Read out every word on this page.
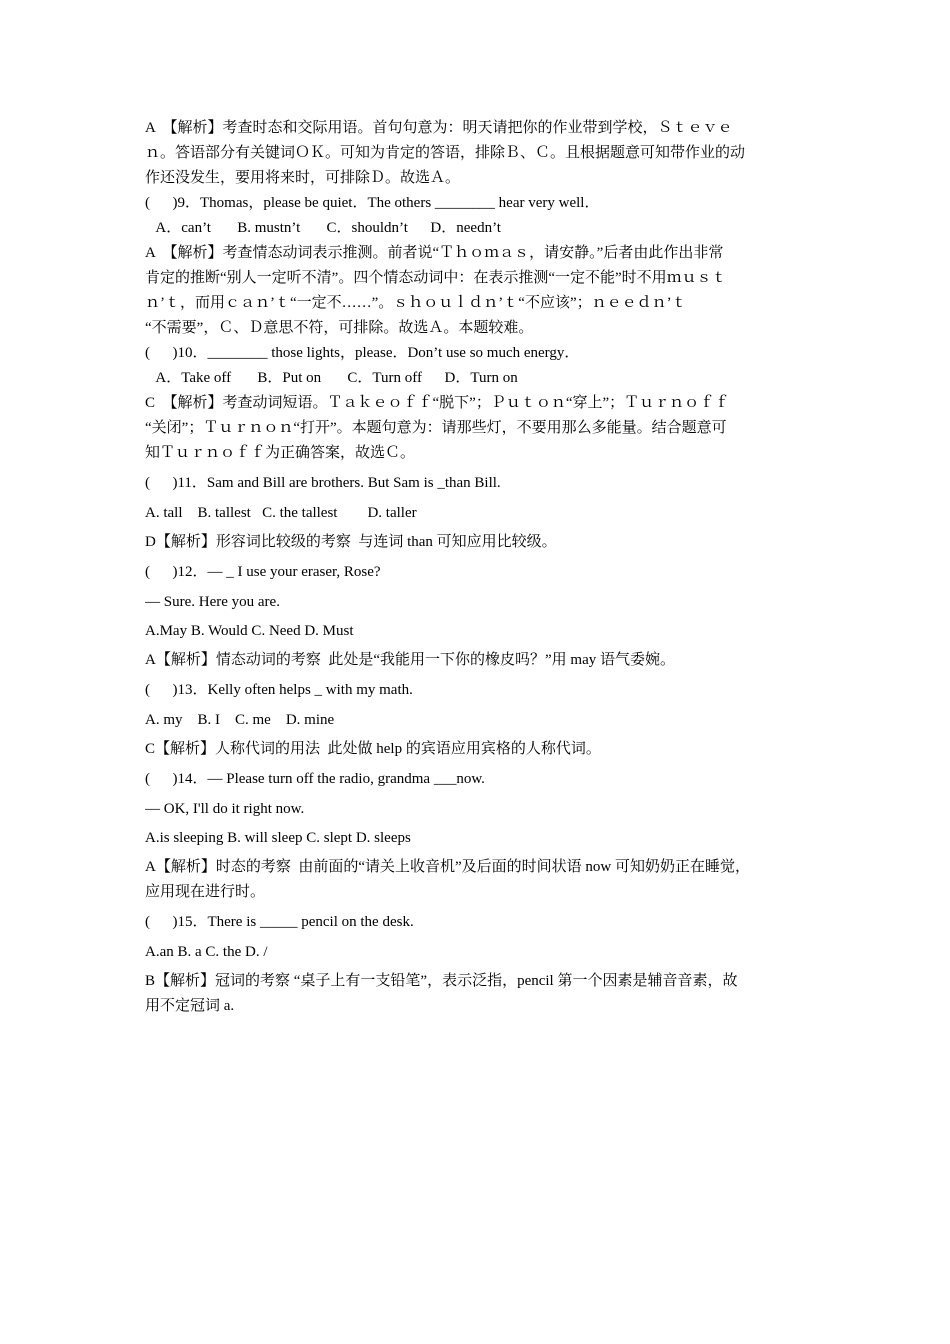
A  【解析】考查时态和交际用语。首句句意为：明天请把你的作业带到学校，Ｓｔｅｖｅ
ｎ。答语部分有关键词ＯＫ。可知为肯定的答语，排除Ｂ、Ｃ。且根据题意可知带作业的动
作还没发生，要用将来时，可排除Ｄ。故选Ａ。
(      )9．Thomas，please be quiet．The others ________ hear very well．
A．can’t       B. mustn’t       C．shouldn’t      D．needn’t
A  【解析】考查情态动词表示推测。前者说“Ｔｈｏｍａｓ，请安静。”后者由此作出非常
肯定的推断“别人一定听不清”。四个情态动词中：在表示推测“一定不能”时不用ｍｕｓｔ
ｎ’ｔ，而用ｃａｎ’ｔ“一定不……”。ｓｈｏｕｌｄｎ’ｔ“不应该”；ｎｅｅｄｎ’ｔ
“不需要”，Ｃ、Ｄ意思不符，可排除。故选Ａ。本题较难。
(      )10．________ those lights，please．Don’t use so much energy．
A．Take off       B．Put on       C．Turn off      D．Turn on
C  【解析】考查动词短语。Ｔａｋｅｏｆｆ“脱下”；Ｐｕｔｏｎ“穿上”；Ｔｕｒｎｏｆｆ
“关闭”；Ｔｕｒｎｏｎ“打开”。本题句意为：请那些灯，不要用那么多能量。结合题意可
知Ｔｕｒｎｏｆｆ为正确答案，故选Ｃ。
(      )11．Sam and Bill are brothers. But Sam is _than Bill.
A. tall    B. tallest   C. the tallest        D. taller
D【解析】形容词比较级的考察  与连词 than 可知应用比较级。
(      )12．— _ I use your eraser, Rose?
— Sure. Here you are.
A.May B. Would C. Need D. Must
A【解析】情态动词的考察  此处是“我能用一下你的橡皮吗？”用 may 语气委婉。
(      )13．Kelly often helps _ with my math.
A. my    B. I    C. me    D. mine
C【解析】人称代词的用法  此处做 help 的宾语应用宾格的人称代词。
(      )14．— Please turn off the radio, grandma ___now.
— OK, I'll do it right now.
A.is sleeping B. will sleep C. slept D. sleeps
A【解析】时态的考察  由前面的“请关上收音机”及后面的时间状语 now 可知奶奶正在睡觉，
应用现在进行时。
(      )15．There is _____ pencil on the desk.
A.an B. a C. the D. /
B【解析】冠词的考察 “桌子上有一支铅笔”，表示泛指，pencil 第一个因素是辅音音素，故
用不定冠词 a.
